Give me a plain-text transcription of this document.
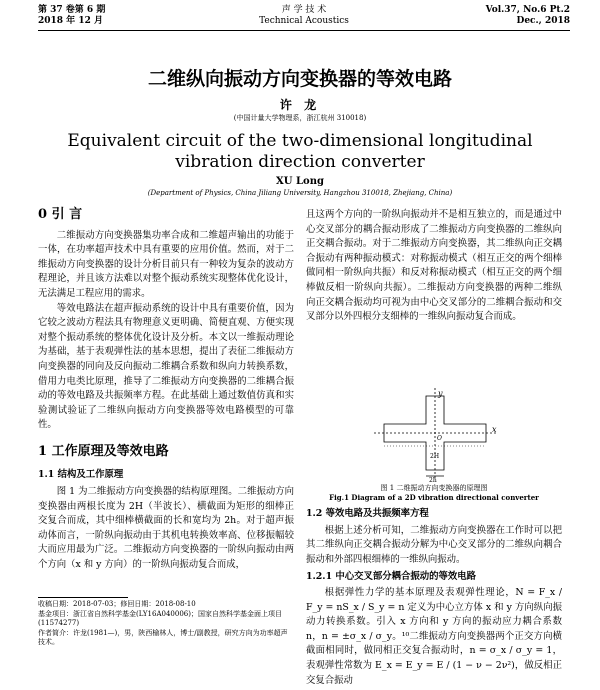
第 37 卷第 6 期
2018 年 12 月
声 学 技 术
Technical Acoustics
Vol.37, No.6 Pt.2
Dec., 2018
二维纵向振动方向变换器的等效电路
许 龙
(中国计量大学物理系，浙江杭州 310018)
Equivalent circuit of the two-dimensional longitudinal vibration direction converter
XU Long
(Department of Physics, China Jiliang University, Hangzhou 310018, Zhejiang, China)
0 引 言

二维振动方向变换器集功率合成和二维超声输出的功能于一体，在功率超声技术中具有重要的应用价值。然而，对于二维振动方向变换器的设计分析目前只有一种较为复杂的波动方程理论，并且该方法难以对整个振动系统实现整体优化设计，无法满足工程应用的需求。

等效电路法在超声振动系统的设计中具有重要价值，因为它较之波动方程法具有物理意义更明确、简便直观、方便实现对整个振动系统的整体优化设计及分析。本文以一维振动理论为基础，基于表观弹性法的基本思想，提出了表征二维振动方向变换器的同向及反向振动二维耦合系数和纵向力转换系数，借用力电类比原理，推导了二维振动方向变换器的二维耦合振动的等效电路及共振频率方程。在此基础上通过数值仿真和实验测试验证了二维纵向振动方向变换器等效电路模型的可靠性。

1 工作原理及等效电路
1.1 结构及工作原理

图 1 为二维振动方向变换器的结构原理图。二维振动方向变换器由两根长度为 2H（半波长）、横截面为矩形的细棒正交复合而成，其中细棒横截面的长和宽均为 2h。对于超声振动体而言，一阶纵向振动由于其机电转换效率高、位移振幅较大而应用最为广泛。二维振动方向变换器的一阶纵向振动由两个方向（x 和 y 方向）的一阶纵向振动复合而成，

收稿日期：2018-07-03；修回日期：2018-08-10
基金项目：浙江省自然科学基金(LY16A040006)；国家自然科学基金面上项目(11574277)
作者简介：许龙(1981—)，男，陕西榆林人，博士/副教授，研究方向为功率超声技术。

且这两个方向的一阶纵向振动并不是相互独立的，而是通过中心交叉部分的耦合振动形成了二维振动方向变换器的二维纵向正交耦合振动。对于二维振动方向变换器，其二维纵向正交耦合振动有两种振动模式：对称振动模式（相互正交的两个细棒做同相一阶纵向共振）和反对称振动模式（相互正交的两个细棒做反相一阶纵向共振）。二维振动方向变换器的两种二维纵向正交耦合振动均可视为由中心交叉部分的二维耦合振动和交叉部分以外四根分支细棒的一维纵向振动复合而成。

y
x
O
2H
2h
图 1 二维振动方向变换器的原理图
Fig.1 Diagram of a 2D vibration directional converter
1.2 等效电路及共振频率方程

根据上述分析可知，二维振动方向变换器在工作时可以把其二维纵向正交耦合振动分解为中心交叉部分的二维纵向耦合振动和外部四根细棒的一维纵向振动。

1.2.1 中心交叉部分耦合振动的等效电路

根据弹性力学的基本原理及表观弹性理论，N = F_x / F_y = nS_x / S_y = n 定义为中心立方体 x 和 y 方向纵向振动力转换系数。引入 x 方向和 y 方向的振动应力耦合系数 n，n = ±σ_x / σ_y。¹⁰二维振动方向变换器两个正交方向横截面相同时，做同相正交复合振动时，n = σ_x / σ_y = 1，表观弹性常数为 E_x = E_y = E / (1 − ν − 2ν²)，做反相正交复合振动
